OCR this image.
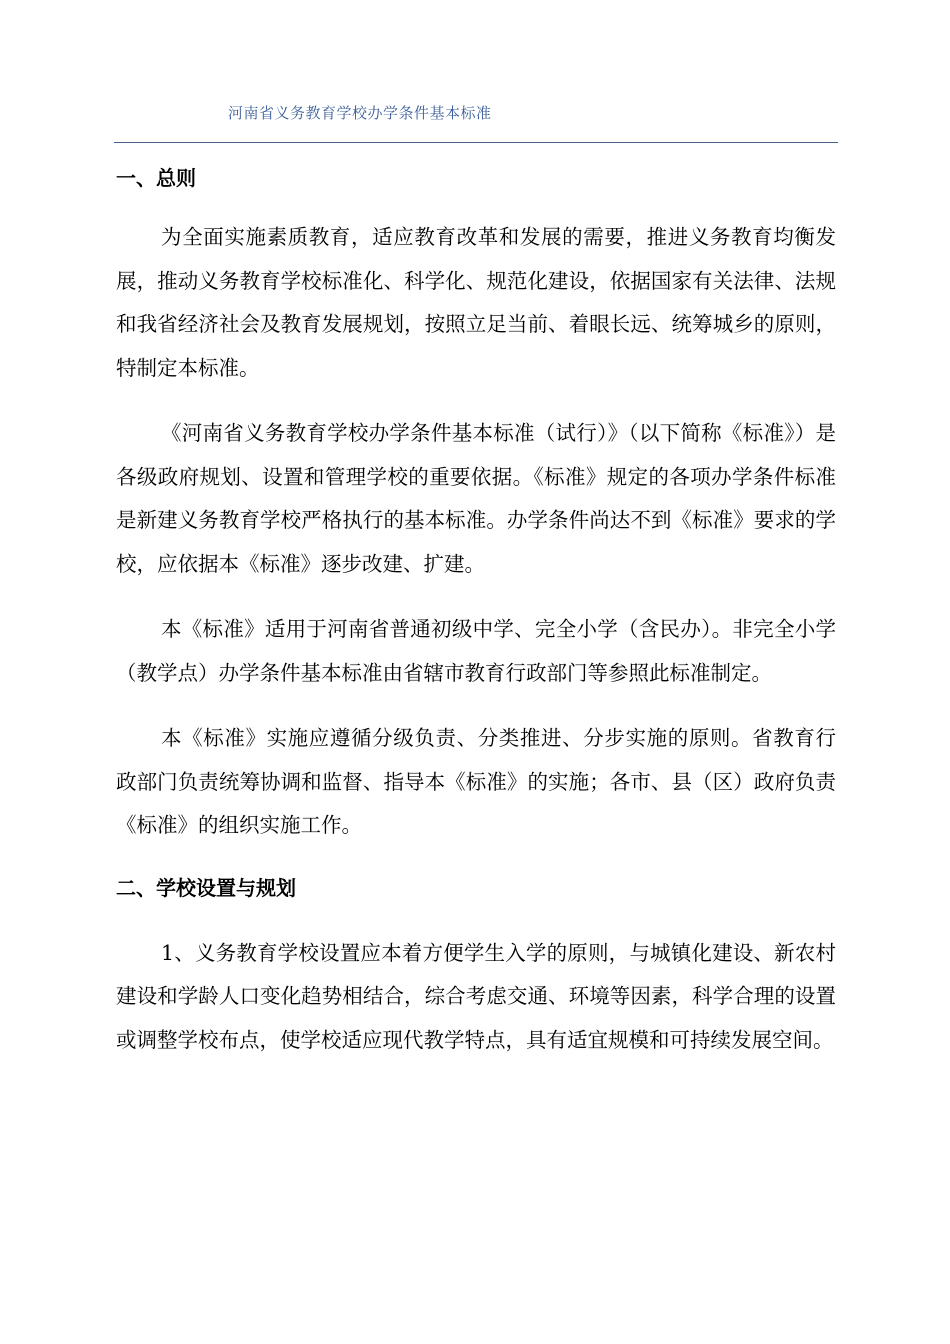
河南省义务教育学校办学条件基本标准
一、总则

为全面实施素质教育，适应教育改革和发展的需要，推进义务教育均衡发展，推动义务教育学校标准化、科学化、规范化建设，依据国家有关法律、法规和我省经济社会及教育发展规划，按照立足当前、着眼长远、统筹城乡的原则，特制定本标准。

《河南省义务教育学校办学条件基本标准（试行）》（以下简称《标准》）是各级政府规划、设置和管理学校的重要依据。《标准》规定的各项办学条件标准是新建义务教育学校严格执行的基本标准。办学条件尚达不到《标准》要求的学校，应依据本《标准》逐步改建、扩建。

本《标准》适用于河南省普通初级中学、完全小学（含民办）。非完全小学（教学点）办学条件基本标准由省辖市教育行政部门等参照此标准制定。

本《标准》实施应遵循分级负责、分类推进、分步实施的原则。省教育行政部门负责统筹协调和监督、指导本《标准》的实施；各市、县（区）政府负责《标准》的组织实施工作。

二、学校设置与规划

1、义务教育学校设置应本着方便学生入学的原则，与城镇化建设、新农村建设和学龄人口变化趋势相结合，综合考虑交通、环境等因素，科学合理的设置或调整学校布点，使学校适应现代教学特点，具有适宜规模和可持续发展空间。
